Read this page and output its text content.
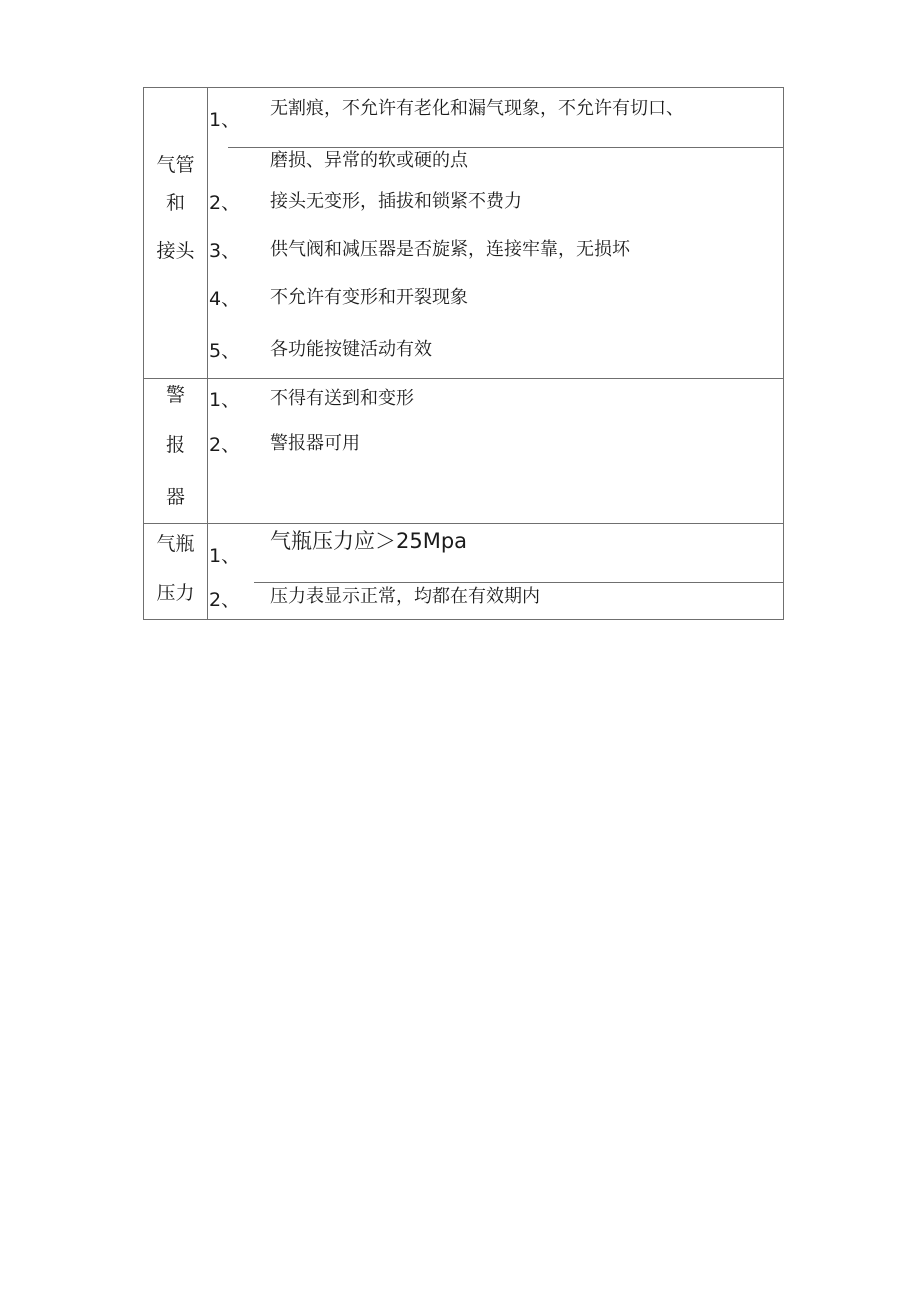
气管
和
接头
1、
无割痕，不允许有老化和漏气现象，不允许有切口、
磨损、异常的软或硬的点
2、 接头无变形，插拔和锁紧不费力
3、 供气阀和减压器是否旋紧，连接牢靠，无损坏
4、 不允许有变形和开裂现象
5、 各功能按键活动有效
警
报
器
1、 不得有送到和变形
2、 警报器可用
气瓶
压力
1、
气瓶压力应＞25Mpa
2、 压力表显示正常，均都在有效期内
